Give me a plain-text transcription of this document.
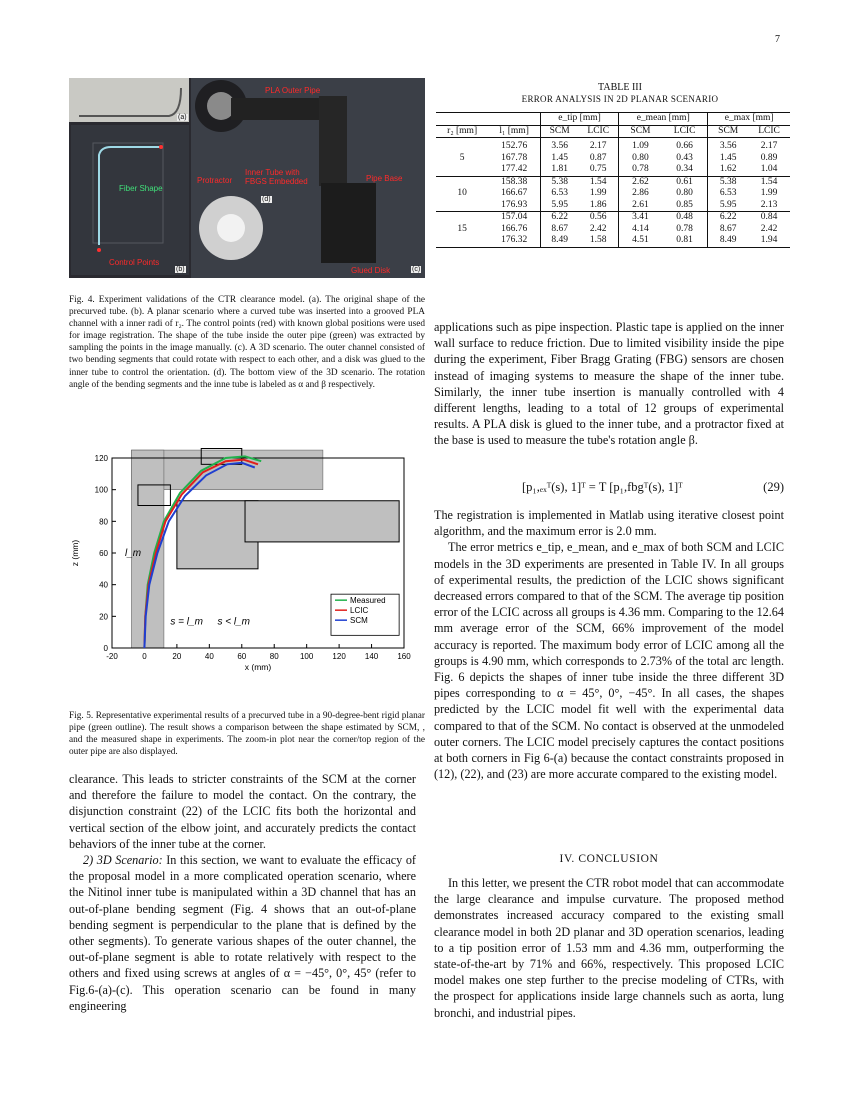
7
PLA Outer Pipe
Fiber Shape
Control Points
Protractor
Inner Tube with FBGS Embedded	Pipe Base
Glued Disk
(a)
(b)	(c)
(d)
TABLE III
ERROR ANALYSIS IN 2D PLANAR SCENARIO
		e_tip [mm]		e_mean [mm]		e_max [mm]	
r₂ [mm]	l₁ [mm]	SCM	LCIC	SCM	LCIC	SCM	LCIC
	152.76	3.56	2.17	1.09	0.66	3.56	2.17
5	167.78	1.45	0.87	0.80	0.43	1.45	0.89
	177.42	1.81	0.75	0.78	0.34	1.62	1.04
	158.38	5.38	1.54	2.62	0.61	5.38	1.54
10	166.67	6.53	1.99	2.86	0.80	6.53	1.99
	176.93	5.95	1.86	2.61	0.85	5.95	2.13
	157.04	6.22	0.56	3.41	0.48	6.22	0.84
15	166.76	8.67	2.42	4.14	0.78	8.67	2.42
	176.32	8.49	1.58	4.51	0.81	8.49	1.94
Fig. 4. Experiment validations of the CTR clearance model. (a). The original shape of the precurved tube. (b). A planar scenario where a curved tube was inserted into a grooved PLA channel with a inner radi of r₂. The control points (red) with known global positions were used for image registration. The shape of the tube inside the outer pipe (green) was extracted by sampling the points in the image manually. (c). A 3D scenario. The outer channel consisted of two bending segments that could rotate with respect to each other, and a disk was glued to the inner tube to control the orientation. (d). The bottom view of the 3D scenario. The rotation angle of the bending segments and the inne tube is labeled as α and β respectively.
-20	0	20	40	60	80	100 120 140 160
0
20
40
60
80
100
120
x (mm)
z (mm)	l_m
s = l_m s < l_m
Measured
LCIC
SCM
Fig. 5. Representative experimental results of a precurved tube in a 90-degree-bent rigid planar pipe (green outline). The result shows a comparison between the shape estimated by SCM, , and the measured shape in experiments. The zoom-in plot near the corner/top region of the outer pipe are also displayed.

clearance. This leads to stricter constraints of the SCM at the corner and therefore the failure to model the contact. On the contrary, the disjunction constraint (22) of the LCIC fits both the horizontal and vertical section of the elbow joint, and accurately predicts the contact behaviors of the inner tube at the corner.

2) 3D Scenario: In this section, we want to evaluate the efficacy of the proposal model in a more complicated operation scenario, where the Nitinol inner tube is manipulated within a 3D channel that has an out-of-plane bending segment (Fig. 4 shows that an out-of-plane bending segment is perpendicular to the plane that is defined by the other segments). To generate various shapes of the outer channel, the out-of-plane segment is able to rotate relatively with respect to the others and fixed using screws at angles of α = −45°, 0°, 45° (refer to Fig.6-(a)-(c). This operation scenario can be found in many engineering

applications such as pipe inspection. Plastic tape is applied on the inner wall surface to reduce friction. Due to limited visibility inside the pipe during the experiment, Fiber Bragg Grating (FBG) sensors are chosen instead of imaging systems to measure the shape of the inner tube. Similarly, the inner tube insertion is manually controlled with 4 different lengths, leading to a total of 12 groups of experimental results. A PLA disk is glued to the inner tube, and a protractor fixed at the base is used to measure the tube's rotation angle β.

[p₁,ₑₓᵀ(s), 1]ᵀ = T [p₁,fbgᵀ(s), 1]ᵀ	(29)

The registration is implemented in Matlab using iterative closest point algorithm, and the maximum error is 2.0 mm.

The error metrics e_tip, e_mean, and e_max of both SCM and LCIC models in the 3D experiments are presented in Table IV. In all groups of experimental results, the prediction of the LCIC shows significant decreased errors compared to that of the SCM. The average tip position error of the LCIC across all groups is 4.36 mm. Comparing to the 12.64 mm average error of the SCM, 66% improvement of the model accuracy is reported. The maximum body error of LCIC among all the groups is 4.90 mm, which corresponds to 2.73% of the total arc length. Fig. 6 depicts the shapes of inner tube inside the three different 3D pipes corresponding to α = 45°, 0°, −45°. In all cases, the shapes predicted by the LCIC model fit well with the experimental data compared to that of the SCM. No contact is observed at the unmodeled outer corners. The LCIC model precisely captures the contact positions at both corners in Fig 6-(a) because the contact constraints proposed in (12), (22), and (23) are more accurate compared to the existing model.

IV. CONCLUSION

In this letter, we present the CTR robot model that can accommodate the large clearance and impulse curvature. The proposed method demonstrates increased accuracy compared to the existing small clearance model in both 2D planar and 3D operation scenarios, leading to a tip position error of 1.53 mm and 4.36 mm, outperforming the state-of-the-art by 71% and 66%, respectively. This proposed LCIC model makes one step further to the precise modeling of CTRs, with the prospect for applications inside large channels such as aorta, lung bronchi, and industrial pipes.
